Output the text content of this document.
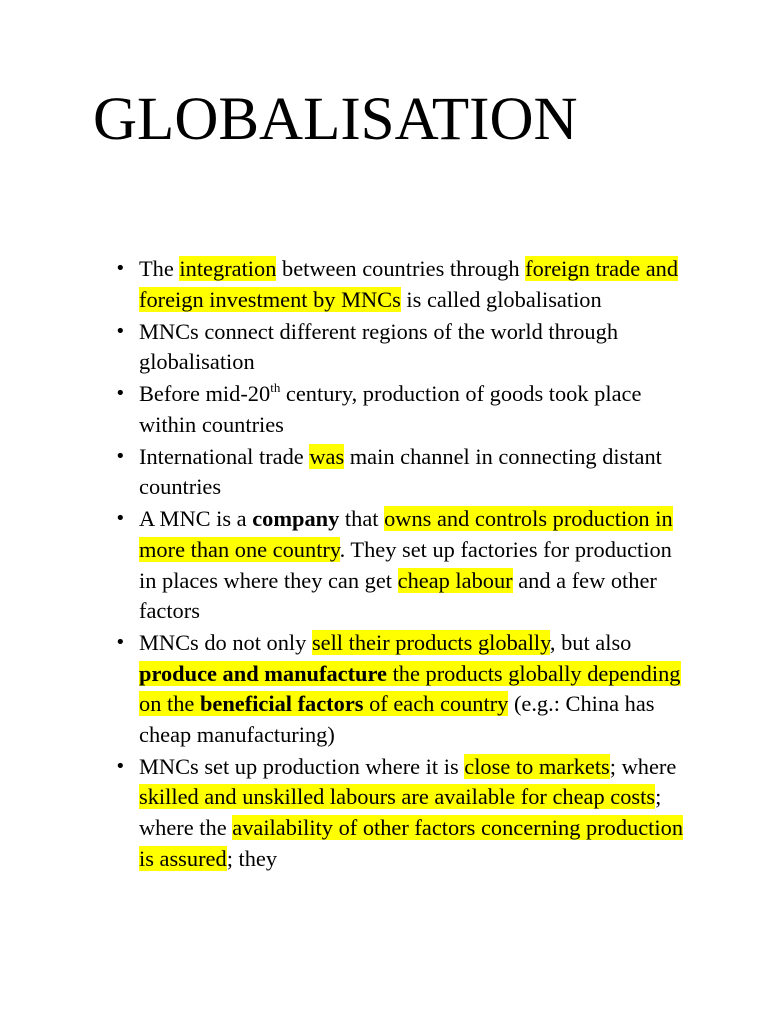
GLOBALISATION
• The integration between countries through foreign trade and foreign investment by MNCs is called globalisation
• MNCs connect different regions of the world through globalisation
• Before mid-20th century, production of goods took place within countries
• International trade was main channel in connecting distant countries
• A MNC is a company that owns and controls production in more than one country. They set up factories for production in places where they can get cheap labour and a few other factors
• MNCs do not only sell their products globally, but also produce and manufacture the products globally depending on the beneficial factors of each country (e.g.: China has cheap manufacturing)
• MNCs set up production where it is close to markets; where skilled and unskilled labours are available for cheap costs; where the availability of other factors concerning production is assured; they
